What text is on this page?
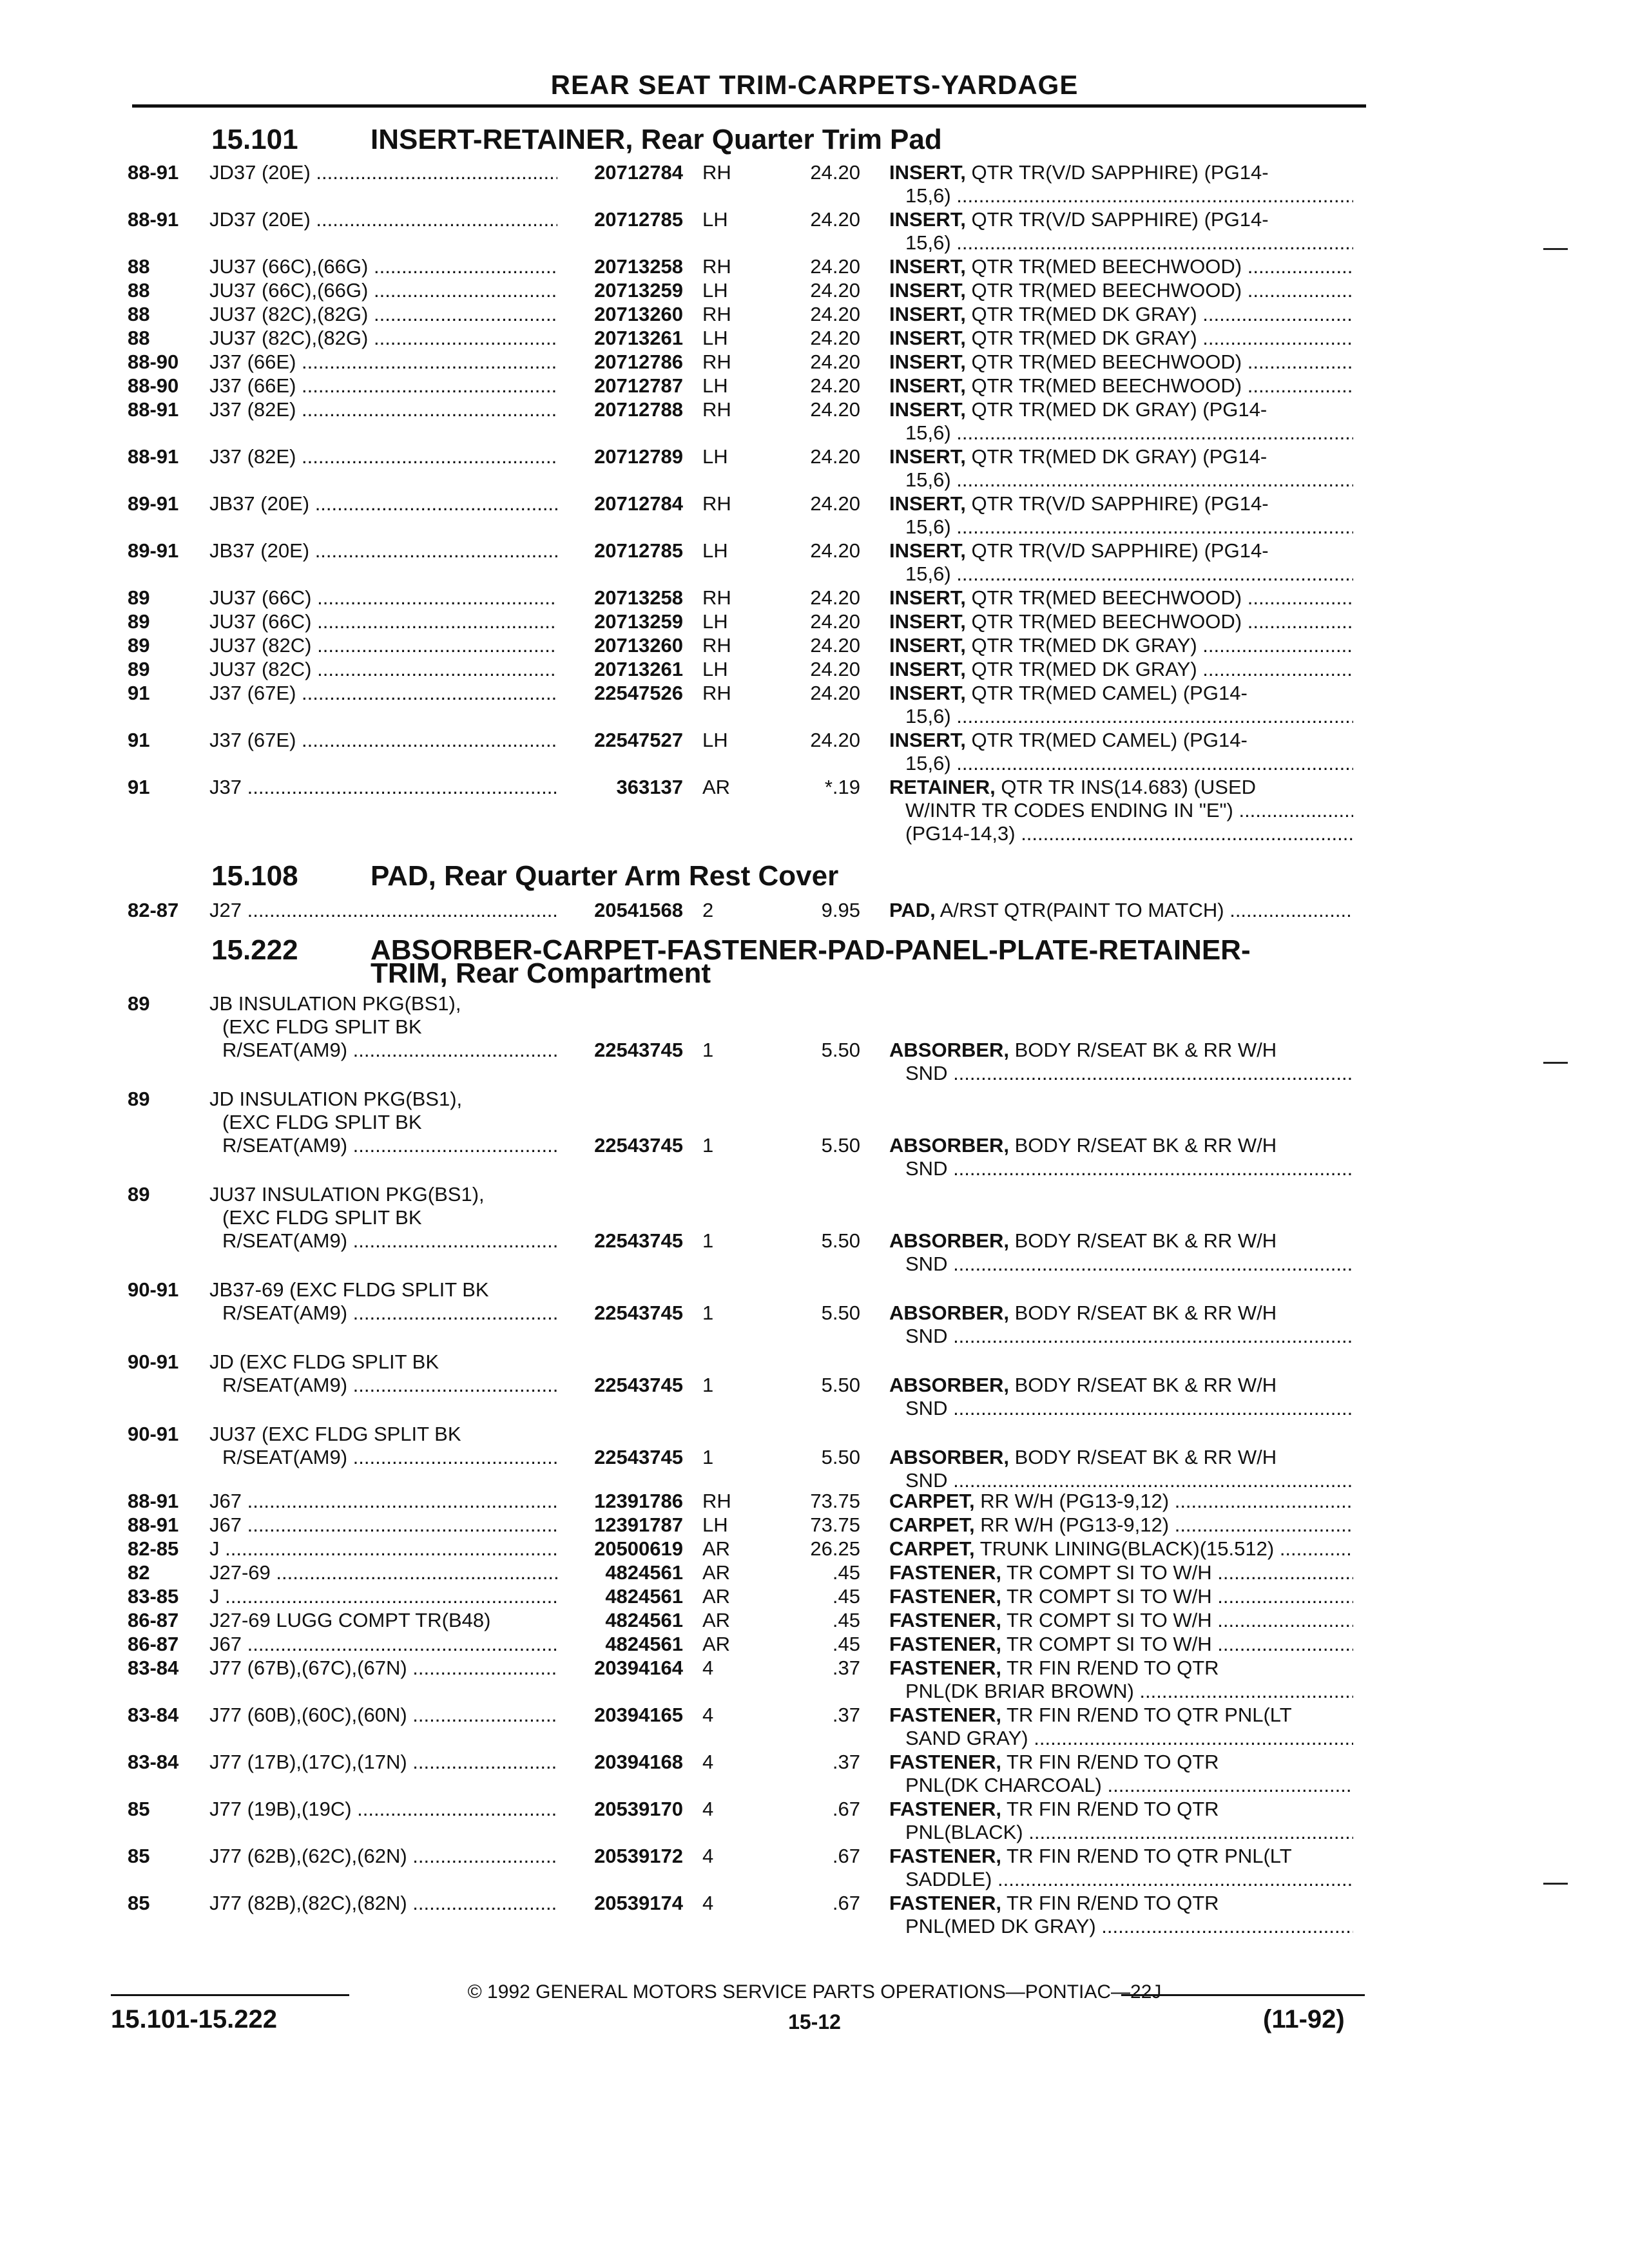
REAR SEAT TRIM-CARPETS-YARDAGE
15.101	INSERT-RETAINER, Rear Quarter Trim Pad
88-91 JD37 (20E) .....	20712784 RH	24.20 INSERT, QTR TR(V/D SAPPHIRE) (PG14-
15,6) .....
88-91 JD37 (20E) .....	20712785 LH	24.20 INSERT, QTR TR(V/D SAPPHIRE) (PG14-
15,6) .....
88	JU37 (66C),(66G) .....	20713258 RH	24.20 INSERT, QTR TR(MED BEECHWOOD) .....
88	JU37 (66C),(66G) .....	20713259 LH	24.20 INSERT, QTR TR(MED BEECHWOOD) .....
88	JU37 (82C),(82G) .....	20713260 RH	24.20 INSERT, QTR TR(MED DK GRAY) .....
88	JU37 (82C),(82G) .....	20713261 LH	24.20 INSERT, QTR TR(MED DK GRAY) .....
88-90 J37 (66E) .....	20712786 RH	24.20 INSERT, QTR TR(MED BEECHWOOD) .....
88-90 J37 (66E) .....	20712787 LH	24.20 INSERT, QTR TR(MED BEECHWOOD) .....
88-91 J37 (82E) .....	20712788 RH	24.20 INSERT, QTR TR(MED DK GRAY) (PG14-
15,6) .....
88-91 J37 (82E) .....	20712789 LH	24.20 INSERT, QTR TR(MED DK GRAY) (PG14-
15,6) .....
89-91 JB37 (20E) .....	20712784 RH	24.20 INSERT, QTR TR(V/D SAPPHIRE) (PG14-
15,6) .....
89-91 JB37 (20E) .....	20712785 LH	24.20 INSERT, QTR TR(V/D SAPPHIRE) (PG14-
15,6) .....
89	JU37 (66C) .....	20713258 RH	24.20 INSERT, QTR TR(MED BEECHWOOD) .....
89	JU37 (66C) .....	20713259 LH	24.20 INSERT, QTR TR(MED BEECHWOOD) .....
89	JU37 (82C) .....	20713260 RH	24.20 INSERT, QTR TR(MED DK GRAY) .....
89	JU37 (82C) .....	20713261 LH	24.20 INSERT, QTR TR(MED DK GRAY) .....
91	J37 (67E) .....	22547526 RH	24.20 INSERT, QTR TR(MED CAMEL) (PG14-
15,6) .....
91	J37 (67E) .....	22547527 LH	24.20 INSERT, QTR TR(MED CAMEL) (PG14-
15,6) .....
91	J37 .....	363137 AR	*.19 RETAINER, QTR TR INS(14.683) (USED
W/INTR TR CODES ENDING IN "E") .....
(PG14-14,3) .....
15.108	PAD, Rear Quarter Arm Rest Cover
82-87 J27 .....	20541568 2	9.95 PAD, A/RST QTR(PAINT TO MATCH) .....
15.222	ABSORBER-CARPET-FASTENER-PAD-PANEL-PLATE-RETAINER-
TRIM, Rear Compartment
89	JB INSULATION PKG(BS1),
(EXC FLDG SPLIT BK
R/SEAT(AM9) .....	22543745 1	5.50 ABSORBER, BODY R/SEAT BK & RR W/H
SND .....
89	JD INSULATION PKG(BS1),
(EXC FLDG SPLIT BK
R/SEAT(AM9) .....	22543745 1	5.50 ABSORBER, BODY R/SEAT BK & RR W/H
SND .....
89	JU37 INSULATION PKG(BS1),
(EXC FLDG SPLIT BK
R/SEAT(AM9) .....	22543745 1	5.50 ABSORBER, BODY R/SEAT BK & RR W/H
SND .....
90-91 JB37-69 (EXC FLDG SPLIT BK
R/SEAT(AM9) .....	22543745 1	5.50 ABSORBER, BODY R/SEAT BK & RR W/H
SND .....
90-91 JD (EXC FLDG SPLIT BK
R/SEAT(AM9) .....	22543745 1	5.50 ABSORBER, BODY R/SEAT BK & RR W/H
SND .....
90-91 JU37 (EXC FLDG SPLIT BK
R/SEAT(AM9) .....	22543745 1	5.50 ABSORBER, BODY R/SEAT BK & RR W/H
SND .....
88-91 J67 .....	12391786 RH	73.75 CARPET, RR W/H (PG13-9,12) .....
88-91 J67 .....	12391787 LH	73.75 CARPET, RR W/H (PG13-9,12) .....
82-85 J .....	20500619 AR	26.25 CARPET, TRUNK LINING(BLACK)(15.512) .....
82	J27-69 .....	4824561 AR	.45 FASTENER, TR COMPT SI TO W/H .....
83-85 J .....	4824561 AR	.45 FASTENER, TR COMPT SI TO W/H .....
86-87 J27-69 LUGG COMPT TR(B48)	4824561 AR	.45 FASTENER, TR COMPT SI TO W/H .....
86-87 J67 .....	4824561 AR	.45 FASTENER, TR COMPT SI TO W/H .....
83-84 J77 (67B),(67C),(67N) .....	20394164 4	.37 FASTENER, TR FIN R/END TO QTR
PNL(DK BRIAR BROWN) .....
83-84 J77 (60B),(60C),(60N) .....	20394165 4	.37 FASTENER, TR FIN R/END TO QTR PNL(LT
SAND GRAY) .....
83-84 J77 (17B),(17C),(17N) .....	20394168 4	.37 FASTENER, TR FIN R/END TO QTR
PNL(DK CHARCOAL) .....
85	J77 (19B),(19C) .....	20539170 4	.67 FASTENER, TR FIN R/END TO QTR
PNL(BLACK) .....
85	J77 (62B),(62C),(62N) .....	20539172 4	.67 FASTENER, TR FIN R/END TO QTR PNL(LT
SADDLE) .....
85	J77 (82B),(82C),(82N) .....	20539174 4	.67 FASTENER, TR FIN R/END TO QTR
PNL(MED DK GRAY) .....
© 1992 GENERAL MOTORS SERVICE PARTS OPERATIONS—PONTIAC—22J
15.101-15.222	15-12	(11-92)
